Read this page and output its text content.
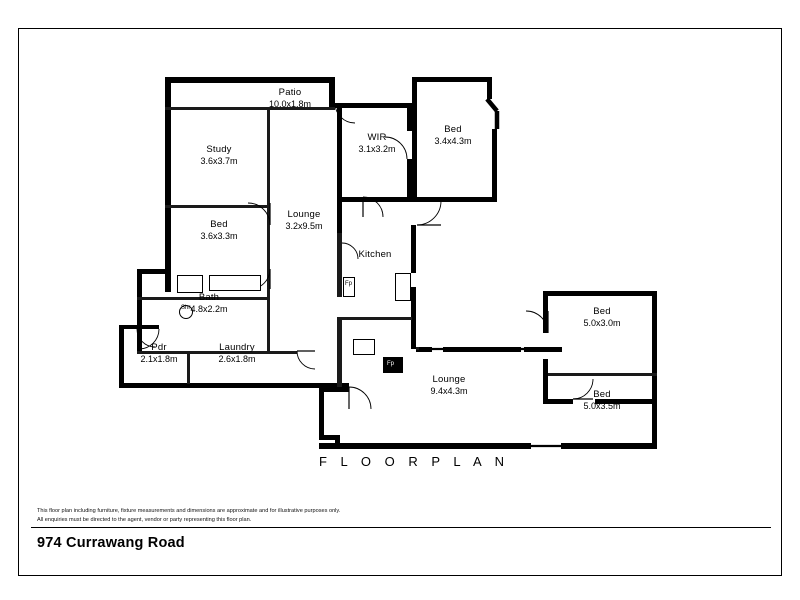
Shr
Fp
Fp
Patio
10.0x1.8m
Study
3.6x3.7m
Bed
3.6x3.3m
Bath
4.8x2.2m
Pdr
2.1x1.8m
Laundry
2.6x1.8m
Lounge
3.2x9.5m
WIR
3.1x3.2m
Bed
3.4x4.3m
Kitchen
Lounge
9.4x4.3m
Bed
5.0x3.0m
Bed
5.0x3.5m
F L O O R P L A N
This floor plan including furniture, fixture measurements and dimensions are approximate and for illustrative purposes only.
All enquiries must be directed to the agent, vendor or party representing this floor plan.
974 Currawang Road
